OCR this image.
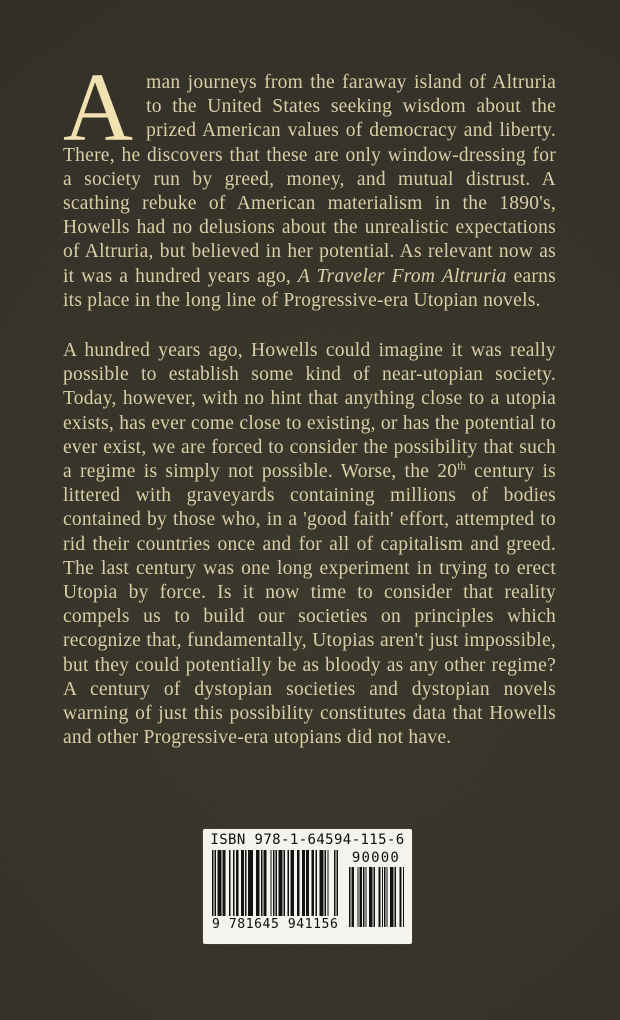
Aman journeys from the faraway island of Altruria to the United States seeking wisdom about the prized American values of democracy and liberty. There, he discovers that these are only window-dressing for a society run by greed, money, and mutual distrust. A scathing rebuke of American materialism in the 1890's, Howells had no delusions about the unrealistic expectations of Altruria, but believed in her potential. As relevant now as it was a hundred years ago, A Traveler From Altruria earns its place in the long line of Progressive-era Utopian novels.

A hundred years ago, Howells could imagine it was really possible to establish some kind of near-utopian society. Today, however, with no hint that anything close to a utopia exists, has ever come close to existing, or has the potential to ever exist, we are forced to consider the possibility that such a regime is simply not possible. Worse, the 20th century is littered with graveyards containing millions of bodies contained by those who, in a 'good faith' effort, attempted to rid their countries once and for all of capitalism and greed. The last century was one long experiment in trying to erect Utopia by force. Is it now time to consider that reality compels us to build our societies on principles which recognize that, fundamentally, Utopias aren't just impossible, but they could potentially be as bloody as any other regime? A century of dystopian societies and dystopian novels warning of just this possibility constitutes data that Howells and other Progressive-era utopians did not have.

ISBN 978-1-64594-115-6
9 781645 941156
90000
